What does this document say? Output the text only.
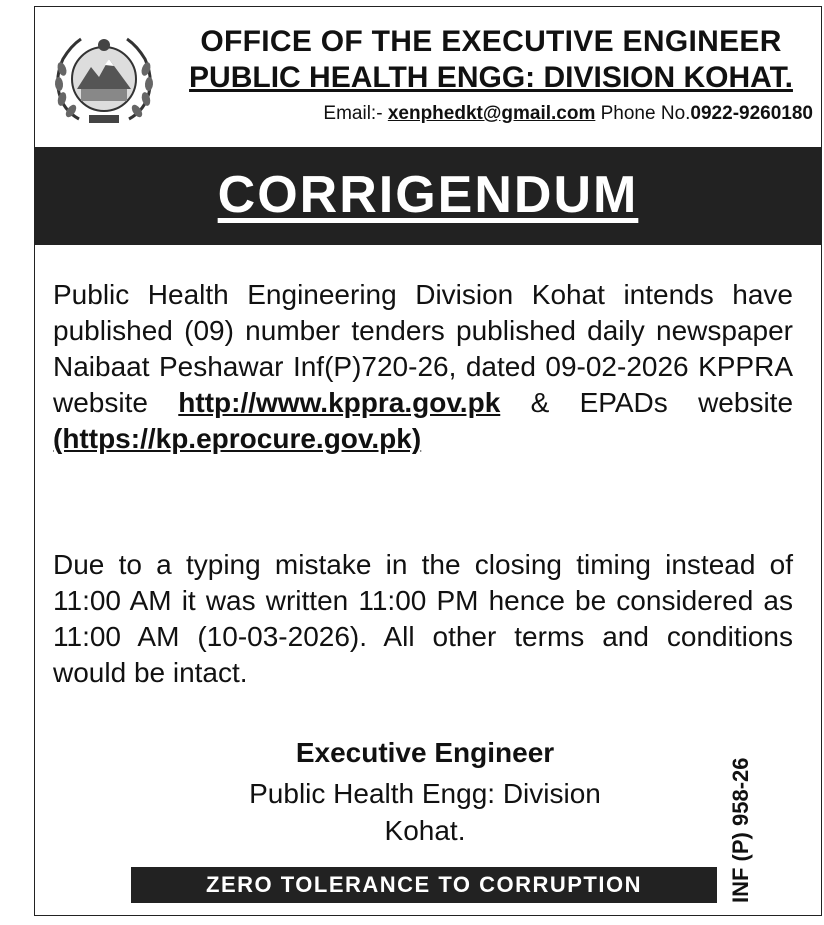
OFFICE OF THE EXECUTIVE ENGINEER
PUBLIC HEALTH ENGG: DIVISION KOHAT.
Email:- xenphedkt@gmail.com Phone No.0922-9260180
CORRIGENDUM
Public Health Engineering Division Kohat intends have published (09) number tenders published daily newspaper Naibaat Peshawar Inf(P)720-26, dated 09-02-2026 KPPRA website http://www.kppra.gov.pk & EPADs website (https://kp.eprocure.gov.pk)
Due to a typing mistake in the closing timing instead of 11:00 AM it was written 11:00 PM hence be considered as 11:00 AM (10-03-2026). All other terms and conditions would be intact.
Executive Engineer
Public Health Engg: Division
Kohat.
ZERO TOLERANCE TO CORRUPTION	INF (P) 958-26
